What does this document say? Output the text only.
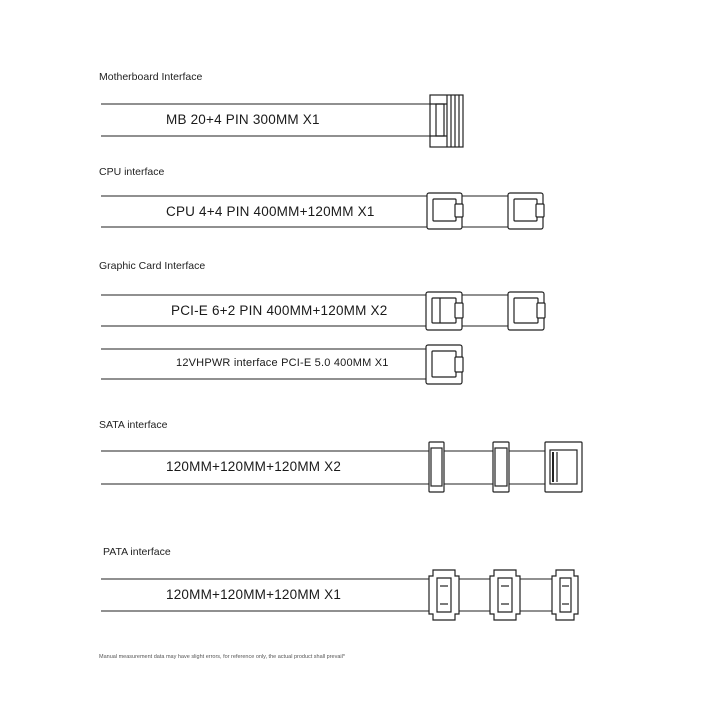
Motherboard Interface
MB 20+4 PIN 300MM X1
CPU interface
CPU 4+4 PIN 400MM+120MM X1
Graphic Card Interface
PCI-E 6+2 PIN 400MM+120MM X2
12VHPWR interface PCI-E 5.0 400MM X1
SATA interface
120MM+120MM+120MM X2
PATA interface
120MM+120MM+120MM X1
Manual measurement data may have slight errors, for reference only, the actual product shall prevail*
